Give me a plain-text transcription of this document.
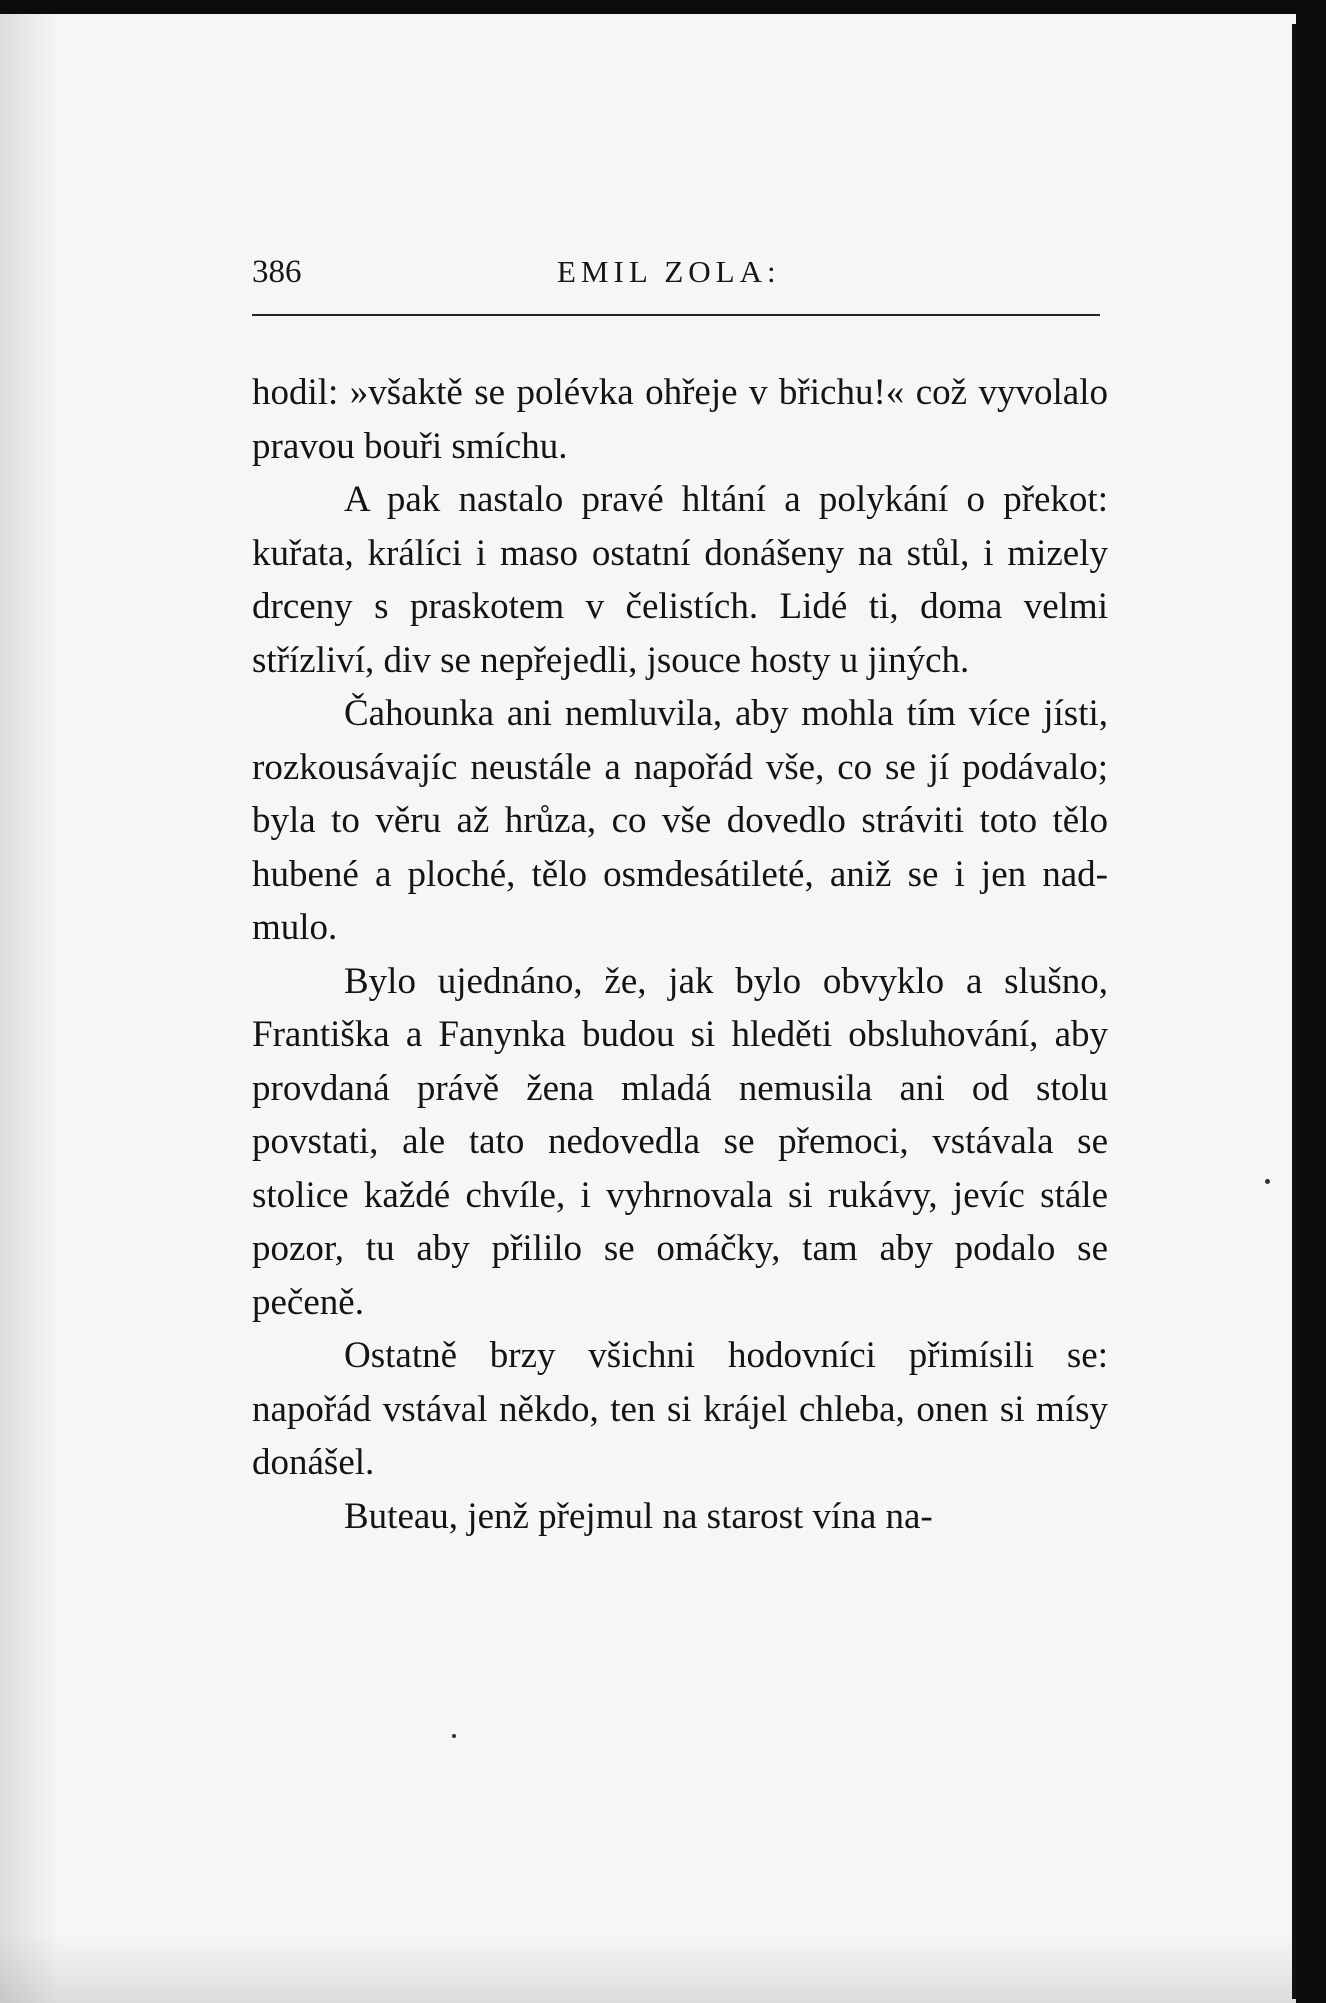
386	EMIL ZOLA:

hodil: »všaktě se polévka ohřeje v břichu!« což vyvolalo pravou bouři smíchu.

A pak nastalo pravé hltání a polykání o překot: kuřata, králíci i maso ostatní donášeny na stůl, i mizely drceny s praskotem v čelistích. Lidé ti, doma velmi střízliví, div se nepřejedli, jsouce hosty u jiných.

Čahounka ani nemluvila, aby mohla tím více jísti, rozkousávajíc neustále a napořád vše, co se jí podávalo; byla to věru až hrůza, co vše dovedlo stráviti toto tělo hubené a ploché, tělo osmdesátileté, aniž se i jen nadmulo.

Bylo ujednáno, že, jak bylo obvyklo a slušno, Františka a Fanynka budou si hleděti obsluhování, aby provdaná právě žena mladá nemusila ani od stolu povstati, ale tato nedovedla se přemoci, vstávala se stolice každé chvíle, i vyhrnovala si rukávy, jevíc stále pozor, tu aby přililo se omáčky, tam aby podalo se pečeně.

Ostatně brzy všichni hodovníci přimísili se: napořád vstával někdo, ten si krájel chleba, onen si mísy donášel.

Buteau, jenž přejmul na starost vína na-
